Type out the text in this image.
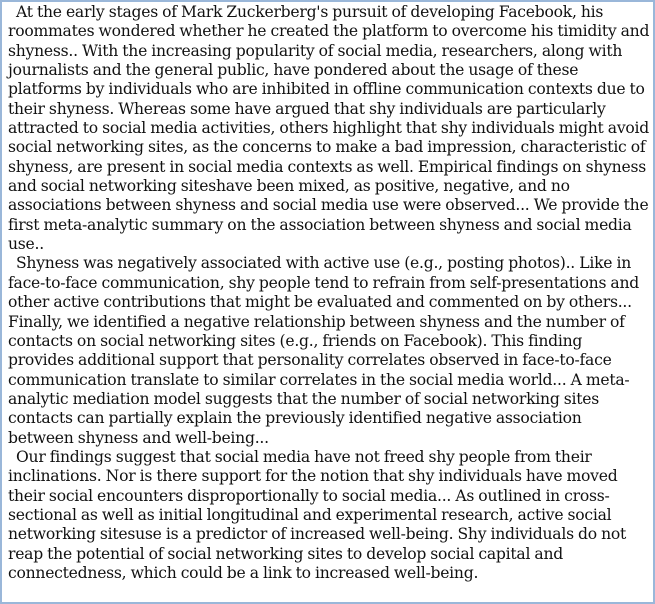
At the early stages of Mark Zuckerberg's pursuit of developing Facebook, his roommates wondered whether he created the platform to overcome his timidity and shyness.. With the increasing popularity of social media, researchers, along with journalists and the general public, have pondered about the usage of these platforms by individuals who are inhibited in offline communication contexts due to their shyness. Whereas some have argued that shy individuals are particularly attracted to social media activities, others highlight that shy individuals might avoid social networking sites, as the concerns to make a bad impression, characteristic of shyness, are present in social media contexts as well. Empirical findings on shyness and social networking siteshave been mixed, as positive, negative, and no associations between shyness and social media use were observed... We provide the first meta-analytic summary on the association between shyness and social media use..

Shyness was negatively associated with active use (e.g., posting photos).. Like in face-to-face communication, shy people tend to refrain from self-presentations and other active contributions that might be evaluated and commented on by others... Finally, we identified a negative relationship between shyness and the number of contacts on social networking sites (e.g., friends on Facebook). This finding provides additional support that personality correlates observed in face-to-face communication translate to similar correlates in the social media world... A meta-analytic mediation model suggests that the number of social networking sites contacts can partially explain the previously identified negative association between shyness and well-being...

Our findings suggest that social media have not freed shy people from their inclinations. Nor is there support for the notion that shy individuals have moved their social encounters disproportionally to social media... As outlined in cross-sectional as well as initial longitudinal and experimental research, active social networking sitesuse is a predictor of increased well-being. Shy individuals do not reap the potential of social networking sites to develop social capital and connectedness, which could be a link to increased well-being.
